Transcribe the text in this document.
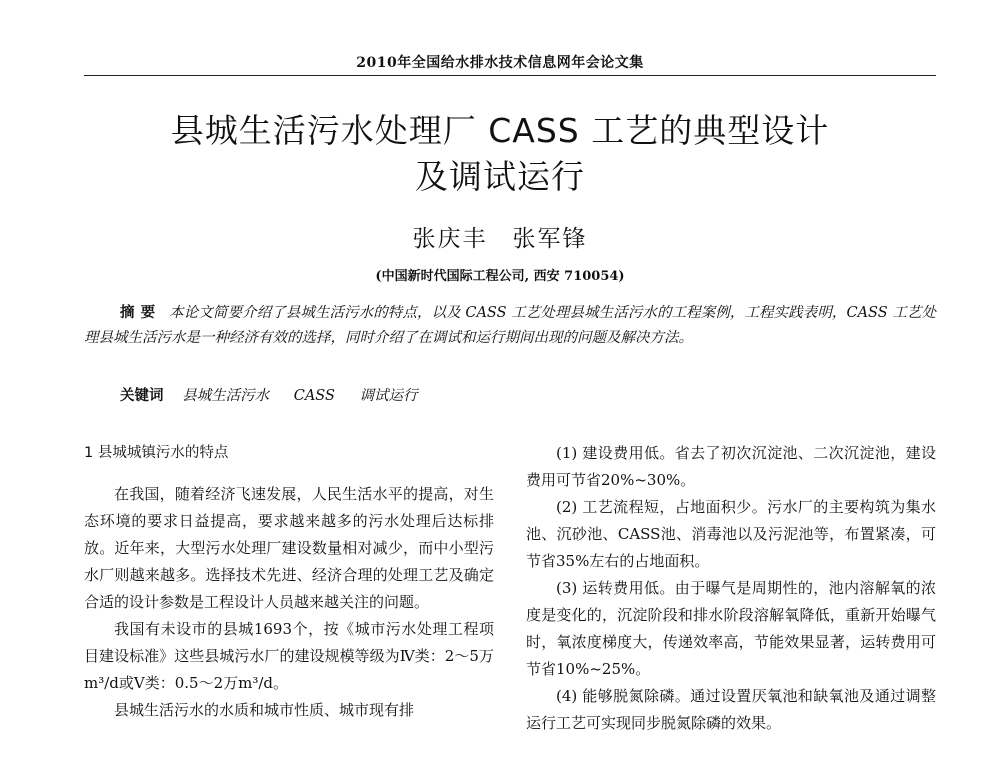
2010年全国给水排水技术信息网年会论文集
县城生活污水处理厂 CASS 工艺的典型设计
及调试运行
张庆丰　张军锋
(中国新时代国际工程公司, 西安 710054)

摘要 本论文简要介绍了县城生活污水的特点，以及 CASS 工艺处理县城生活污水的工程案例，工程实践表明，CASS 工艺处理县城生活污水是一种经济有效的选择，同时介绍了在调试和运行期间出现的问题及解决方法。

关键词 县城生活污水 CASS 调试运行
1 县城城镇污水的特点

在我国，随着经济飞速发展，人民生活水平的提高，对生态环境的要求日益提高，要求越来越多的污水处理后达标排放。近年来，大型污水处理厂建设数量相对减少，而中小型污水厂则越来越多。选择技术先进、经济合理的处理工艺及确定合适的设计参数是工程设计人员越来越关注的问题。

我国有未设市的县城1693个，按《城市污水处理工程项目建设标准》这些县城污水厂的建设规模等级为Ⅳ类：2～5万m³/d或Ⅴ类：0.5～2万m³/d。

县城生活污水的水质和城市性质、城市现有排

(1) 建设费用低。省去了初次沉淀池、二次沉淀池，建设费用可节省20%~30%。

(2) 工艺流程短，占地面积少。污水厂的主要构筑为集水池、沉砂池、CASS池、消毒池以及污泥池等，布置紧凑，可节省35%左右的占地面积。

(3) 运转费用低。由于曝气是周期性的，池内溶解氧的浓度是变化的，沉淀阶段和排水阶段溶解氧降低，重新开始曝气时，氧浓度梯度大，传递效率高，节能效果显著，运转费用可节省10%~25%。

(4) 能够脱氮除磷。通过设置厌氧池和缺氧池及通过调整运行工艺可实现同步脱氮除磷的效果。
